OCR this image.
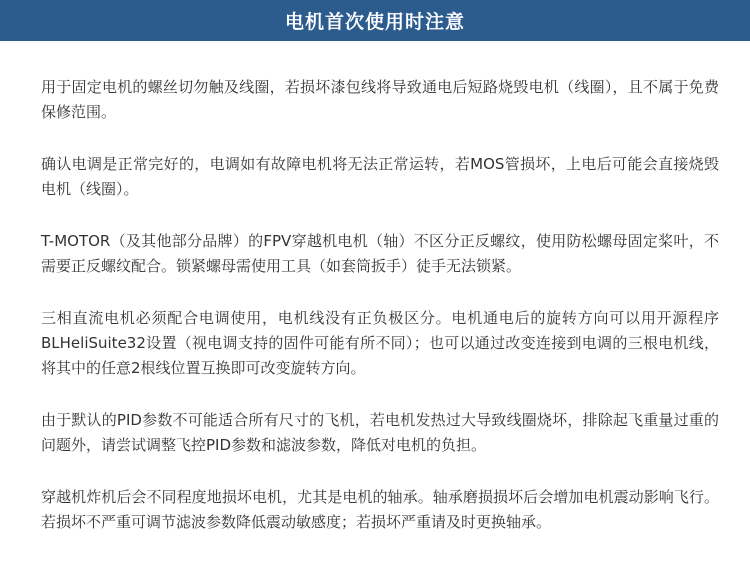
电机首次使用时注意

用于固定电机的螺丝切勿触及线圈，若损坏漆包线将导致通电后短路烧毁电机（线圈），且不属于免费保修范围。

确认电调是正常完好的，电调如有故障电机将无法正常运转，若MOS管损坏，上电后可能会直接烧毁电机（线圈）。

T-MOTOR（及其他部分品牌）的FPV穿越机电机（轴）不区分正反螺纹，使用防松螺母固定桨叶，不需要正反螺纹配合。锁紧螺母需使用工具（如套筒扳手）徒手无法锁紧。

三相直流电机必须配合电调使用，电机线没有正负极区分。电机通电后的旋转方向可以用开源程序BLHeliSuite32设置（视电调支持的固件可能有所不同）；也可以通过改变连接到电调的三根电机线，将其中的任意2根线位置互换即可改变旋转方向。

由于默认的PID参数不可能适合所有尺寸的飞机，若电机发热过大导致线圈烧坏，排除起飞重量过重的问题外，请尝试调整飞控PID参数和滤波参数，降低对电机的负担。

穿越机炸机后会不同程度地损坏电机，尤其是电机的轴承。轴承磨损损坏后会增加电机震动影响飞行。若损坏不严重可调节滤波参数降低震动敏感度；若损坏严重请及时更换轴承。
